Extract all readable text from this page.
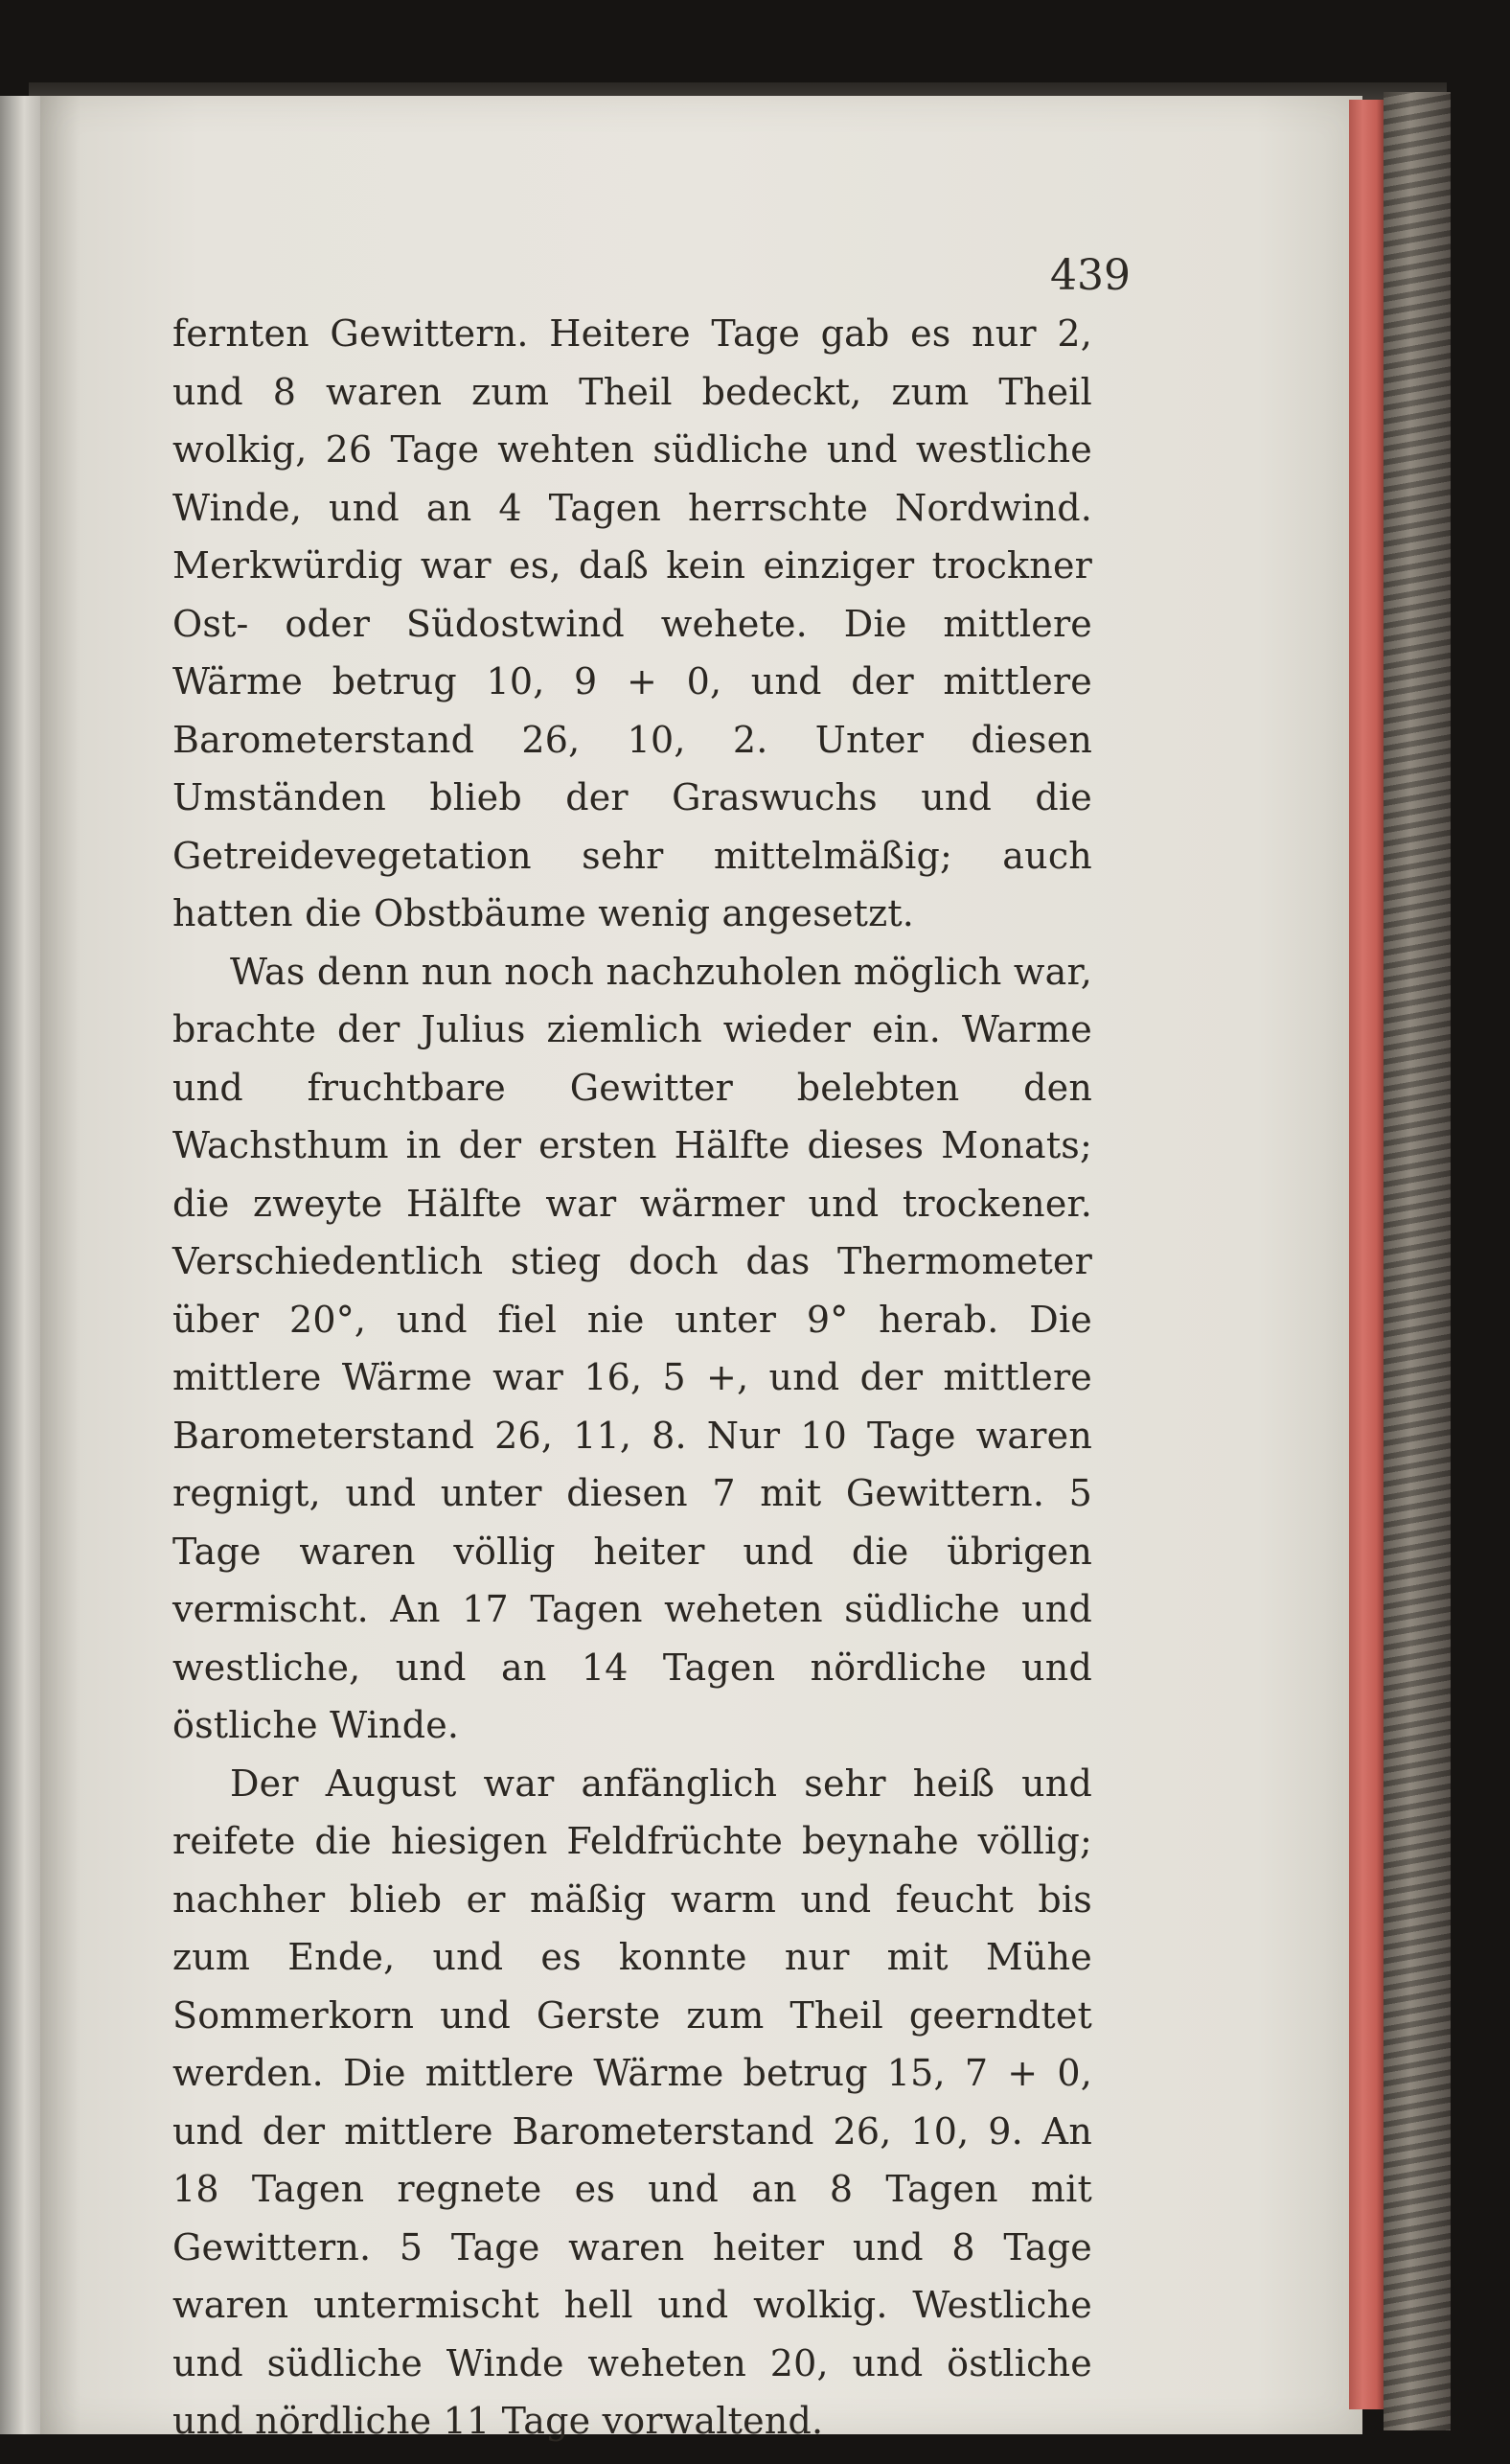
439

fernten Gewittern. Heitere Tage gab es nur 2, und 8 waren zum Theil bedeckt, zum Theil wolkig, 26 Tage wehten südliche und westliche Winde, und an 4 Tagen herrschte Nordwind. Merkwürdig war es, daß kein einziger trockner Ost- oder Südostwind wehete. Die mittlere Wärme betrug 10, 9 + 0, und der mittlere Barometerstand 26, 10, 2. Unter diesen Umständen blieb der Graswuchs und die Getreidevegetation sehr mittelmäßig; auch hatten die Obstbäume wenig angesetzt.

Was denn nun noch nachzuholen möglich war, brachte der Julius ziemlich wieder ein. Warme und fruchtbare Gewitter belebten den Wachsthum in der ersten Hälfte dieses Monats; die zweyte Hälfte war wärmer und trockener. Verschiedentlich stieg doch das Thermometer über 20°, und fiel nie unter 9° herab. Die mittlere Wärme war 16, 5 +, und der mittlere Barometerstand 26, 11, 8. Nur 10 Tage waren regnigt, und unter diesen 7 mit Gewittern. 5 Tage waren völlig heiter und die übrigen vermischt. An 17 Tagen weheten südliche und westliche, und an 14 Tagen nördliche und östliche Winde.

Der August war anfänglich sehr heiß und reifete die hiesigen Feldfrüchte beynahe völlig; nachher blieb er mäßig warm und feucht bis zum Ende, und es konnte nur mit Mühe Sommerkorn und Gerste zum Theil geerndtet werden. Die mittlere Wärme betrug 15, 7 + 0, und der mittlere Barometerstand 26, 10, 9. An 18 Tagen regnete es und an 8 Tagen mit Gewittern. 5 Tage waren heiter und 8 Tage waren untermischt hell und wolkig. Westliche und südliche Winde weheten 20, und östliche und nördliche 11 Tage vorwaltend.
